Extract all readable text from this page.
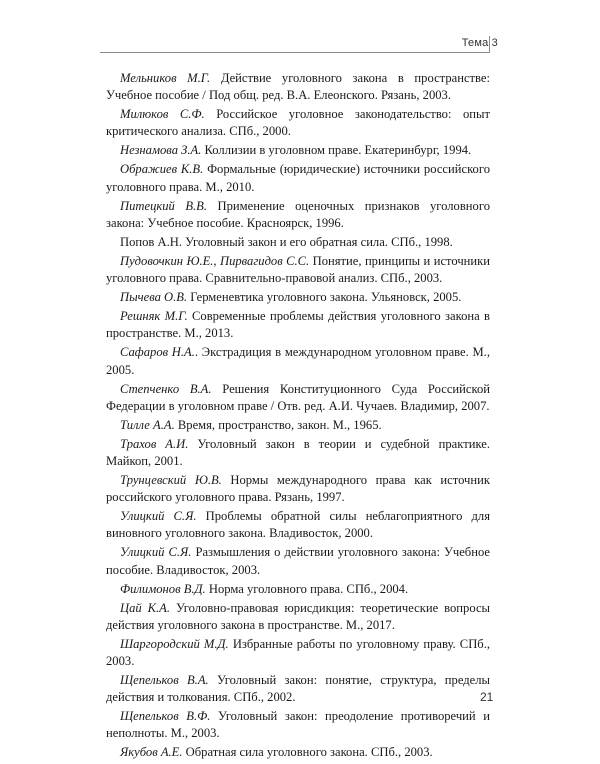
Тема 3
Мельников М.Г. Действие уголовного закона в пространстве: Учебное пособие / Под общ. ред. В.А. Елеонского. Рязань, 2003.
Милюков С.Ф. Российское уголовное законодательство: опыт критического анализа. СПб., 2000.
Незнамова З.А. Коллизии в уголовном праве. Екатеринбург, 1994.
Ображиев К.В. Формальные (юридические) источники российского уголовного права. М., 2010.
Питецкий В.В. Применение оценочных признаков уголовного закона: Учебное пособие. Красноярск, 1996.
Попов А.Н. Уголовный закон и его обратная сила. СПб., 1998.
Пудовочкин Ю.Е., Пирвагидов С.С. Понятие, принципы и источники уголовного права. Сравнительно-правовой анализ. СПб., 2003.
Пычева О.В. Герменевтика уголовного закона. Ульяновск, 2005.
Решняк М.Г. Современные проблемы действия уголовного закона в пространстве. М., 2013.
Сафаров Н.А.. Экстрадиция в международном уголовном праве. М., 2005.
Степченко В.А. Решения Конституционного Суда Российской Федерации в уголовном праве / Отв. ред. А.И. Чучаев. Владимир, 2007.
Тилле А.А. Время, пространство, закон. М., 1965.
Трахов А.И. Уголовный закон в теории и судебной практике. Майкоп, 2001.
Трунцевский Ю.В. Нормы международного права как источник российского уголовного права. Рязань, 1997.
Улицкий С.Я. Проблемы обратной силы неблагоприятного для виновного уголовного закона. Владивосток, 2000.
Улицкий С.Я. Размышления о действии уголовного закона: Учебное пособие. Владивосток, 2003.
Филимонов В.Д. Норма уголовного права. СПб., 2004.
Цай К.А. Уголовно-правовая юрисдикция: теоретические вопросы действия уголовного закона в пространстве. М., 2017.
Шаргородский М.Д. Избранные работы по уголовному праву. СПб., 2003.
Щепельков В.А. Уголовный закон: понятие, структура, пределы действия и толкования. СПб., 2002.
Щепельков В.Ф. Уголовный закон: преодоление противоречий и неполноты. М., 2003.
Якубов А.Е. Обратная сила уголовного закона. СПб., 2003.
21
